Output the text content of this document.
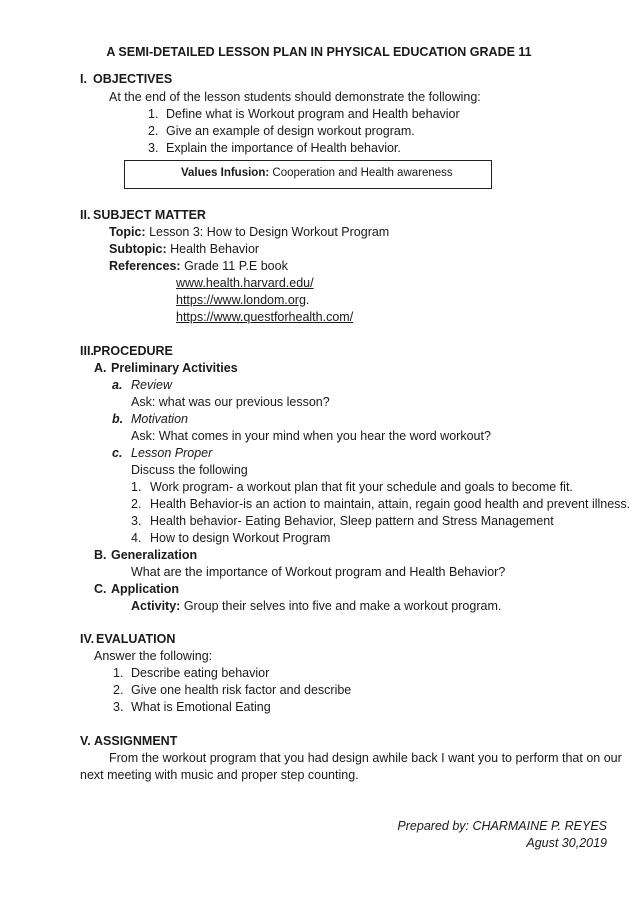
A SEMI-DETAILED LESSON PLAN IN PHYSICAL EDUCATION GRADE 11
I. OBJECTIVES
At the end of the lesson students should demonstrate the following:
1. Define what is Workout program and Health behavior
2. Give an example of design workout program.
3. Explain the importance of Health behavior.
Values Infusion: Cooperation and Health awareness
II. SUBJECT MATTER
Topic: Lesson 3: How to Design Workout Program
Subtopic: Health Behavior
References: Grade 11 P.E book
www.health.harvard.edu/
https://www.londom.org.
https://www.questforhealth.com/
III. PROCEDURE
A. Preliminary Activities
a. Review
Ask: what was our previous lesson?
b. Motivation
Ask: What comes in your mind when you hear the word workout?
c. Lesson Proper
Discuss the following
1. Work program- a workout plan that fit your schedule and goals to become fit.
2. Health Behavior-is an action to maintain, attain, regain good health and prevent illness.
3. Health behavior- Eating Behavior, Sleep pattern and Stress Management
4. How to design Workout Program
B. Generalization
What are the importance of Workout program and Health Behavior?
C. Application
Activity: Group their selves into five and make a workout program.
IV. EVALUATION
Answer the following:
1. Describe eating behavior
2. Give one health risk factor and describe
3. What is Emotional Eating
V. ASSIGNMENT
From the workout program that you had design awhile back I want you to perform that on our
next meeting with music and proper step counting.
Prepared by: CHARMAINE P. REYES
Agust 30,2019
